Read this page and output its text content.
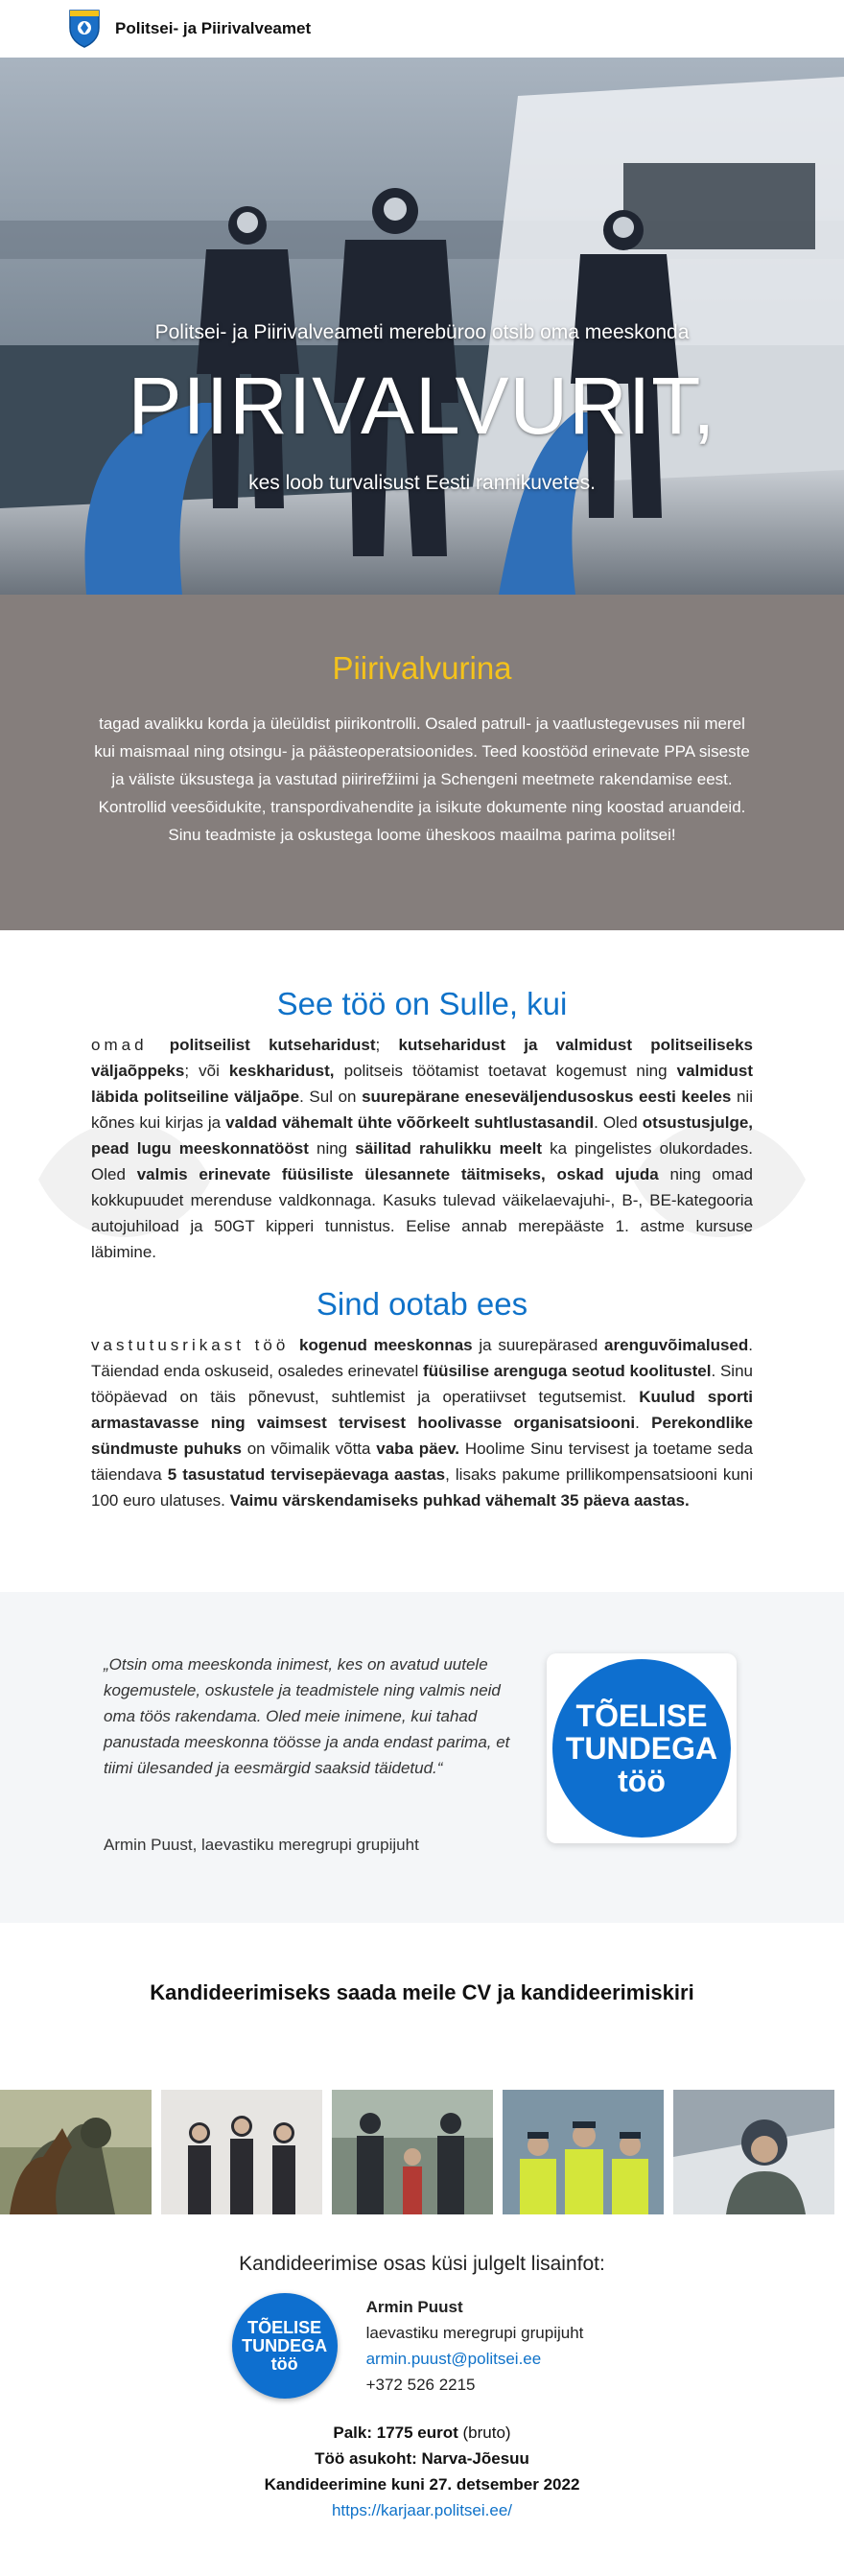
Politsei- ja Piirivalveamet
Politsei- ja Piirivalveameti merebüroo otsib oma meeskonda
PIIRIVALVURIT,
kes loob turvalisust Eesti rannikuvetes.
Piirivalvurina

tagad avalikku korda ja üleüldist piirikontrolli. Osaled patrull- ja vaatlustegevuses nii merel kui maismaal ning otsingu- ja päästeoperatsioonides. Teed koostööd erinevate PPA siseste ja väliste üksustega ja vastutad piirirefžiimi ja Schengeni meetmete rakendamise eest. Kontrollid veesõidukite, transpordivahendite ja isikute dokumente ning koostad aruandeid. Sinu teadmiste ja oskustega loome üheskoos maailma parima politsei!

See töö on Sulle, kui
omad politseilist kutseharidust; kutseharidust ja valmidust politseiliseks väljaõppeks; või keskharidust, politseis töötamist toetavat kogemust ning valmidust läbida politseiline väljaõpe. Sul on suurepärane eneseväljendusoskus eesti keeles nii kõnes kui kirjas ja valdad vähemalt ühte võõrkeelt suhtlustasandil. Oled otsustusjulge, pead lugu meeskonnatööst ning säilitad rahulikku meelt ka pingelistes olukordades. Oled valmis erinevate füüsiliste ülesannete täitmiseks, oskad ujuda ning omad kokkupuudet merenduse valdkonnaga. Kasuks tulevad väikelaevajuhi-, B-, BE-kategooria autojuhiload ja 50GT kipperi tunnistus. Eelise annab merepääste 1. astme kursuse läbimine.
Sind ootab ees
vastutusrikast töö kogenud meeskonnas ja suurepärased arenguvõimalused. Täiendad enda oskuseid, osaledes erinevatel füüsilise arenguga seotud koolitustel. Sinu tööpäevad on täis põnevust, suhtlemist ja operatiivset tegutsemist. Kuulud sporti armastavasse ning vaimsest tervisest hoolivasse organisatsiooni. Perekondlike sündmuste puhuks on võimalik võtta vaba päev. Hoolime Sinu tervisest ja toetame seda täiendava 5 tasustatud tervisepäevaga aastas, lisaks pakume prillikompensatsiooni kuni 100 euro ulatuses. Vaimu värskendamiseks puhkad vähemalt 35 päeva aastas.
„Otsin oma meeskonda inimest, kes on avatud uutele kogemustele, oskustele ja teadmistele ning valmis neid oma töös rakendama. Oled meie inimene, kui tahad panustada meeskonna töösse ja anda endast parima, et tiimi ülesanded ja eesmärgid saaksid täidetud.“
Armin Puust, laevastiku meregrupi grupijuht
TÕELISE
TUNDEGA
töö
Kandideerimiseks saada meile CV ja kandideerimiskiri
Kandideerimise osas küsi julgelt lisainfot:
TÕELISE
TUNDEGA
töö
Armin Puust
laevastiku meregrupi grupijuht
armin.puust@politsei.ee
+372 526 2215
Palk: 1775 eurot (bruto)
Töö asukoht: Narva-Jõesuu
Kandideerimine kuni 27. detsember 2022
https://karjaar.politsei.ee/
